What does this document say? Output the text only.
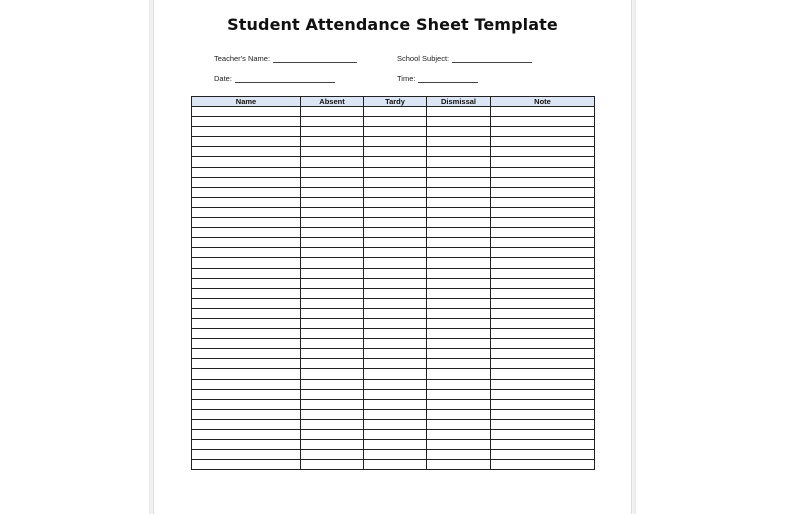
Student Attendance Sheet Template
Teacher's Name:	School Subject:
Date:	Time:
Name	Absent	Tardy	Dismissal	Note
